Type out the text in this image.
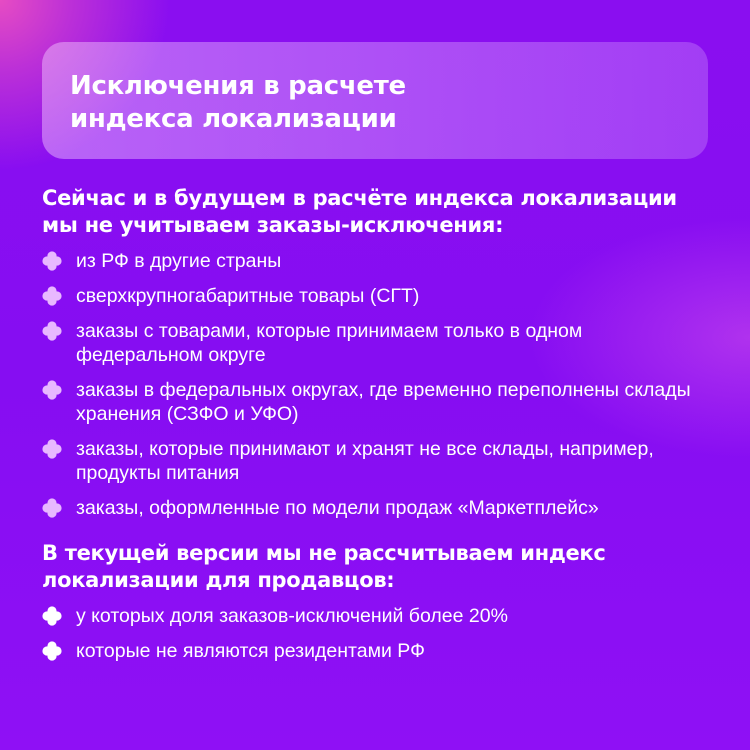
Исключения в расчете
индекса локализации

Сейчас и в будущем в расчёте индекса локализации мы не учитываем заказы-исключения:

из РФ в другие страны
сверхкрупногабаритные товары (СГТ)
заказы с товарами, которые принимаем только в одном федеральном округе
заказы в федеральных округах, где временно переполнены склады хранения (СЗФО и УФО)
заказы, которые принимают и хранят не все склады, например, продукты питания
заказы, оформленные по модели продаж «Маркетплейс»

В текущей версии мы не рассчитываем индекс локализации для продавцов:

у которых доля заказов-исключений более 20%
которые не являются резидентами РФ
